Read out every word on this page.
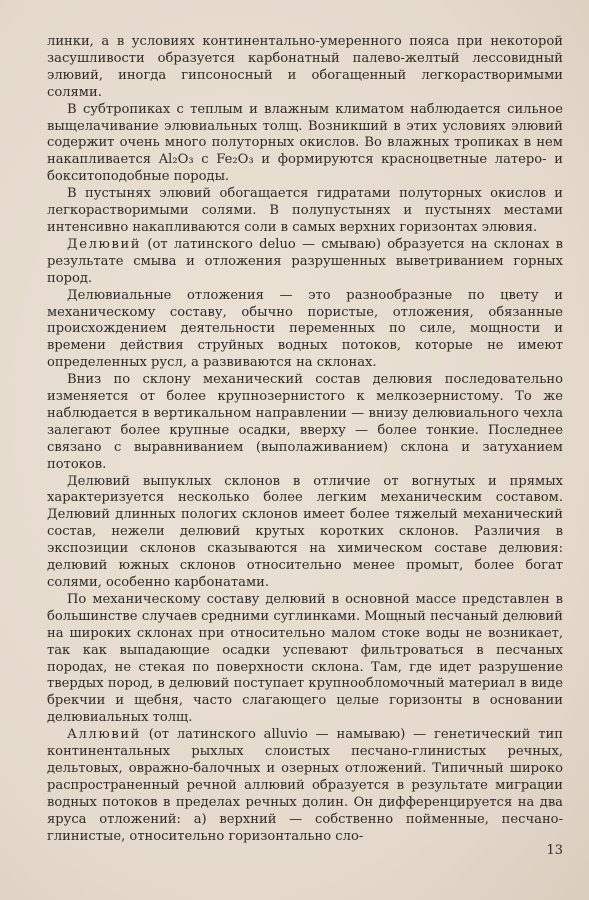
линки, а в условиях континентально-умеренного пояса при некоторой засушливости образуется карбонатный палево-желтый лессовидный элювий, иногда гипсоносный и обогащенный легкорастворимыми солями.

В субтропиках с теплым и влажным климатом наблюдается сильное выщелачивание элювиальных толщ. Возникший в этих условиях элювий содержит очень много полуторных окислов. Во влажных тропиках в нем накапливается Al₂O₃ с Fe₂O₃ и формируются красноцветные латеро- и бокситоподобные породы.

В пустынях элювий обогащается гидратами полуторных окислов и легкорастворимыми солями. В полупустынях и пустынях местами интенсивно накапливаются соли в самых верхних горизонтах элювия.

Делювий (от латинского deluo — смываю) образуется на склонах в результате смыва и отложения разрушенных выветриванием горных пород.

Делювиальные отложения — это разнообразные по цвету и механическому составу, обычно пористые, отложения, обязанные происхождением деятельности переменных по силе, мощности и времени действия струйных водных потоков, которые не имеют определенных русл, а развиваются на склонах.

Вниз по склону механический состав делювия последовательно изменяется от более крупнозернистого к мелкозернистому. То же наблюдается в вертикальном направлении — внизу делювиального чехла залегают более крупные осадки, вверху — более тонкие. Последнее связано с выравниванием (выполаживанием) склона и затуханием потоков.

Делювий выпуклых склонов в отличие от вогнутых и прямых характеризуется несколько более легким механическим составом. Делювий длинных пологих склонов имеет более тяжелый механический состав, нежели делювий крутых коротких склонов. Различия в экспозиции склонов сказываются на химическом составе делювия: делювий южных склонов относительно менее промыт, более богат солями, особенно карбонатами.

По механическому составу делювий в основной массе представлен в большинстве случаев средними суглинками. Мощный песчаный делювий на широких склонах при относительно малом стоке воды не возникает, так как выпадающие осадки успевают фильтроваться в песчаных породах, не стекая по поверхности склона. Там, где идет разрушение твердых пород, в делювий поступает крупнообломочный материал в виде брекчии и щебня, часто слагающего целые горизонты в основании делювиальных толщ.

Аллювий (от латинского alluvio — намываю) — генетический тип континентальных рыхлых слоистых песчано-глинистых речных, дельтовых, овражно-балочных и озерных отложений. Типичный широко распространенный речной аллювий образуется в результате миграции водных потоков в пределах речных долин. Он дифференцируется на два яруса отложений: а) верхний — собственно пойменные, песчано-глинистые, относительно горизонтально сло-

13
